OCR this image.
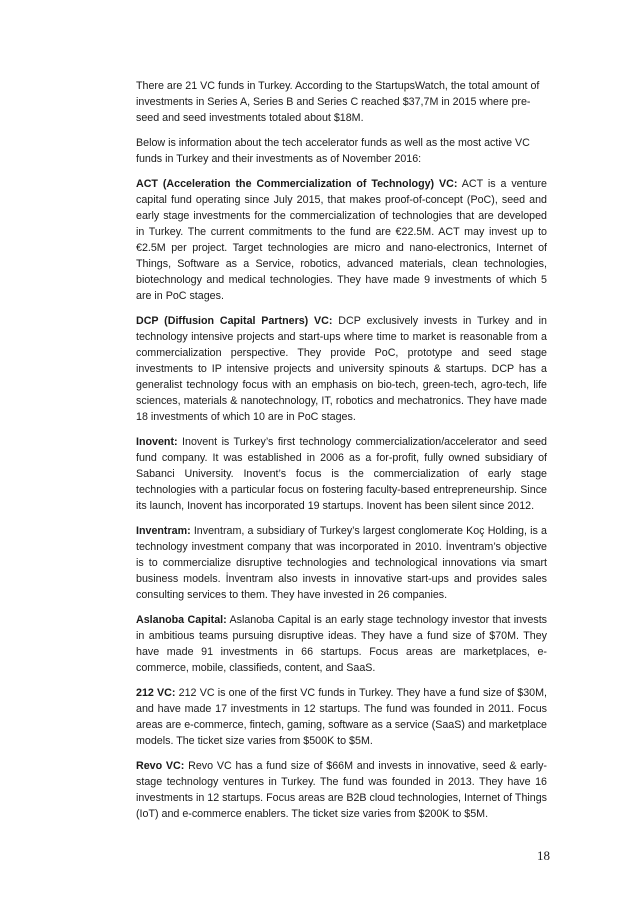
There are 21 VC funds in Turkey. According to the StartupsWatch, the total amount of investments in Series A, Series B and Series C reached $37,7M in 2015 where pre-seed and seed investments totaled about $18M.

Below is information about the tech accelerator funds as well as the most active VC funds in Turkey and their investments as of November 2016:

ACT (Acceleration the Commercialization of Technology) VC: ACT is a venture capital fund operating since July 2015, that makes proof-of-concept (PoC), seed and early stage investments for the commercialization of technologies that are developed in Turkey. The current commitments to the fund are €22.5M. ACT may invest up to €2.5M per project. Target technologies are micro and nano-electronics, Internet of Things, Software as a Service, robotics, advanced materials, clean technologies, biotechnology and medical technologies. They have made 9 investments of which 5 are in PoC stages.

DCP (Diffusion Capital Partners) VC: DCP exclusively invests in Turkey and in technology intensive projects and start-ups where time to market is reasonable from a commercialization perspective. They provide PoC, prototype and seed stage investments to IP intensive projects and university spinouts & startups. DCP has a generalist technology focus with an emphasis on bio-tech, green-tech, agro-tech, life sciences, materials & nanotechnology, IT, robotics and mechatronics. They have made 18 investments of which 10 are in PoC stages.

Inovent: Inovent is Turkey’s first technology commercialization/accelerator and seed fund company. It was established in 2006 as a for-profit, fully owned subsidiary of Sabanci University. Inovent’s focus is the commercialization of early stage technologies with a particular focus on fostering faculty-based entrepreneurship. Since its launch, Inovent has incorporated 19 startups. Inovent has been silent since 2012.

Inventram: Inventram, a subsidiary of Turkey’s largest conglomerate Koç Holding, is a technology investment company that was incorporated in 2010. İnventram’s objective is to commercialize disruptive technologies and technological innovations via smart business models. İnventram also invests in innovative start-ups and provides sales consulting services to them. They have invested in 26 companies.

Aslanoba Capital: Aslanoba Capital is an early stage technology investor that invests in ambitious teams pursuing disruptive ideas. They have a fund size of $70M. They have made 91 investments in 66 startups. Focus areas are marketplaces, e-commerce, mobile, classifieds, content, and SaaS.

212 VC: 212 VC is one of the first VC funds in Turkey. They have a fund size of $30M, and have made 17 investments in 12 startups. The fund was founded in 2011. Focus areas are e-commerce, fintech, gaming, software as a service (SaaS) and marketplace models. The ticket size varies from $500K to $5M.

Revo VC: Revo VC has a fund size of $66M and invests in innovative, seed & early-stage technology ventures in Turkey. The fund was founded in 2013. They have 16 investments in 12 startups. Focus areas are B2B cloud technologies, Internet of Things (IoT) and e-commerce enablers. The ticket size varies from $200K to $5M.

18
